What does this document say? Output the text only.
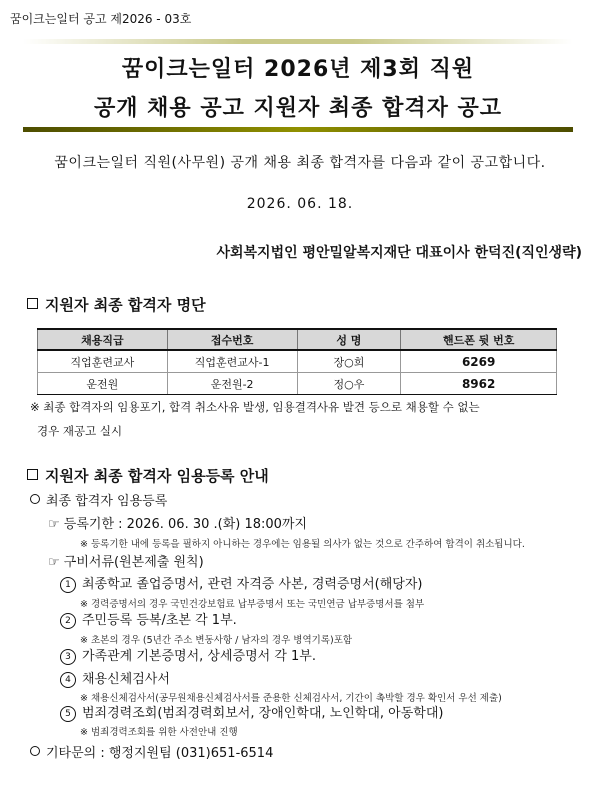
꿈이크는일터 공고 제2026 - 03호
꿈이크는일터 2026년 제3회 직원
공개 채용 공고 지원자 최종 합격자 공고
꿈이크는일터 직원(사무원) 공개 채용 최종 합격자를 다음과 같이 공고합니다.
2026. 06. 18.
사회복지법인 평안밀알복지재단 대표이사 한덕진(직인생략)
지원자 최종 합격자 명단
채용직급	접수번호	성 명	핸드폰 뒷 번호
직업훈련교사	직업훈련교사-1	장○희	6269
운전원	운전원-2	정○우	8962
※ 최종 합격자의 임용포기, 합격 취소사유 발생, 임용결격사유 발견 등으로 채용할 수 없는
경우 재공고 실시
지원자 최종 합격자 임용등록 안내
최종 합격자 임용등록
☞ 등록기한 : 2026. 06. 30 .(화) 18:00까지
※ 등록기한 내에 등록을 필하지 아니하는 경우에는 임용될 의사가 없는 것으로 간주하여 합격이 취소됩니다.
☞ 구비서류(원본제출 원칙)
1 최종학교 졸업증명서, 관련 자격증 사본, 경력증명서(해당자)
※ 경력증명서의 경우 국민건강보험료 납부증명서 또는 국민연금 납부증명서를 첨부
2 주민등록 등복/초본 각 1부.
※ 초본의 경우 (5년간 주소 변동사항 / 남자의 경우 병역기록)포함
3 가족관계 기본증명서, 상세증명서 각 1부.
4 채용신체검사서
※ 채용신체검사서(공무원채용신체검사서를 준용한 신체검사서, 기간이 촉박할 경우 확인서 우선 제출)
5 범죄경력조회(범죄경력회보서, 장애인학대, 노인학대, 아동학대)
※ 범죄경력조회를 위한 사전안내 진행
기타문의 : 행정지원팀 (031)651-6514
